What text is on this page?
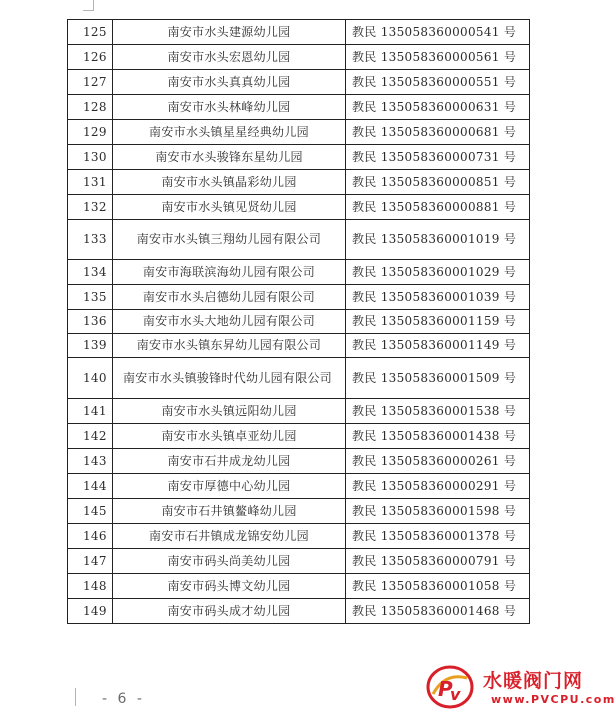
125	南安市水头建源幼儿园	教民 135058360000541 号
126	南安市水头宏恩幼儿园	教民 135058360000561 号
127	南安市水头真真幼儿园	教民 135058360000551 号
128	南安市水头林峰幼儿园	教民 135058360000631 号
129	南安市水头镇星星经典幼儿园	教民 135058360000681 号
130	南安市水头骏锋东星幼儿园	教民 135058360000731 号
131	南安市水头镇晶彩幼儿园	教民 135058360000851 号
132	南安市水头镇见贤幼儿园	教民 135058360000881 号
133	南安市水头镇三翔幼儿园有限公司	教民 135058360001019 号
134	南安市海联滨海幼儿园有限公司	教民 135058360001029 号
135	南安市水头启德幼儿园有限公司	教民 135058360001039 号
136	南安市水头大地幼儿园有限公司	教民 135058360001159 号
139	南安市水头镇东昇幼儿园有限公司	教民 135058360001149 号
140	南安市水头镇骏锋时代幼儿园有限公司	教民 135058360001509 号
141	南安市水头镇远阳幼儿园	教民 135058360001538 号
142	南安市水头镇卓亚幼儿园	教民 135058360001438 号
143	南安市石井成龙幼儿园	教民 135058360000261 号
144	南安市厚德中心幼儿园	教民 135058360000291 号
145	南安市石井镇鳌峰幼儿园	教民 135058360001598 号
146	南安市石井镇成龙锦安幼儿园	教民 135058360001378 号
147	南安市码头尚美幼儿园	教民 135058360000791 号
148	南安市码头博文幼儿园	教民 135058360001058 号
149	南安市码头成才幼儿园	教民 135058360001468 号
- 6 -	P
v
水暖阀门网
www.PVCPU.com
